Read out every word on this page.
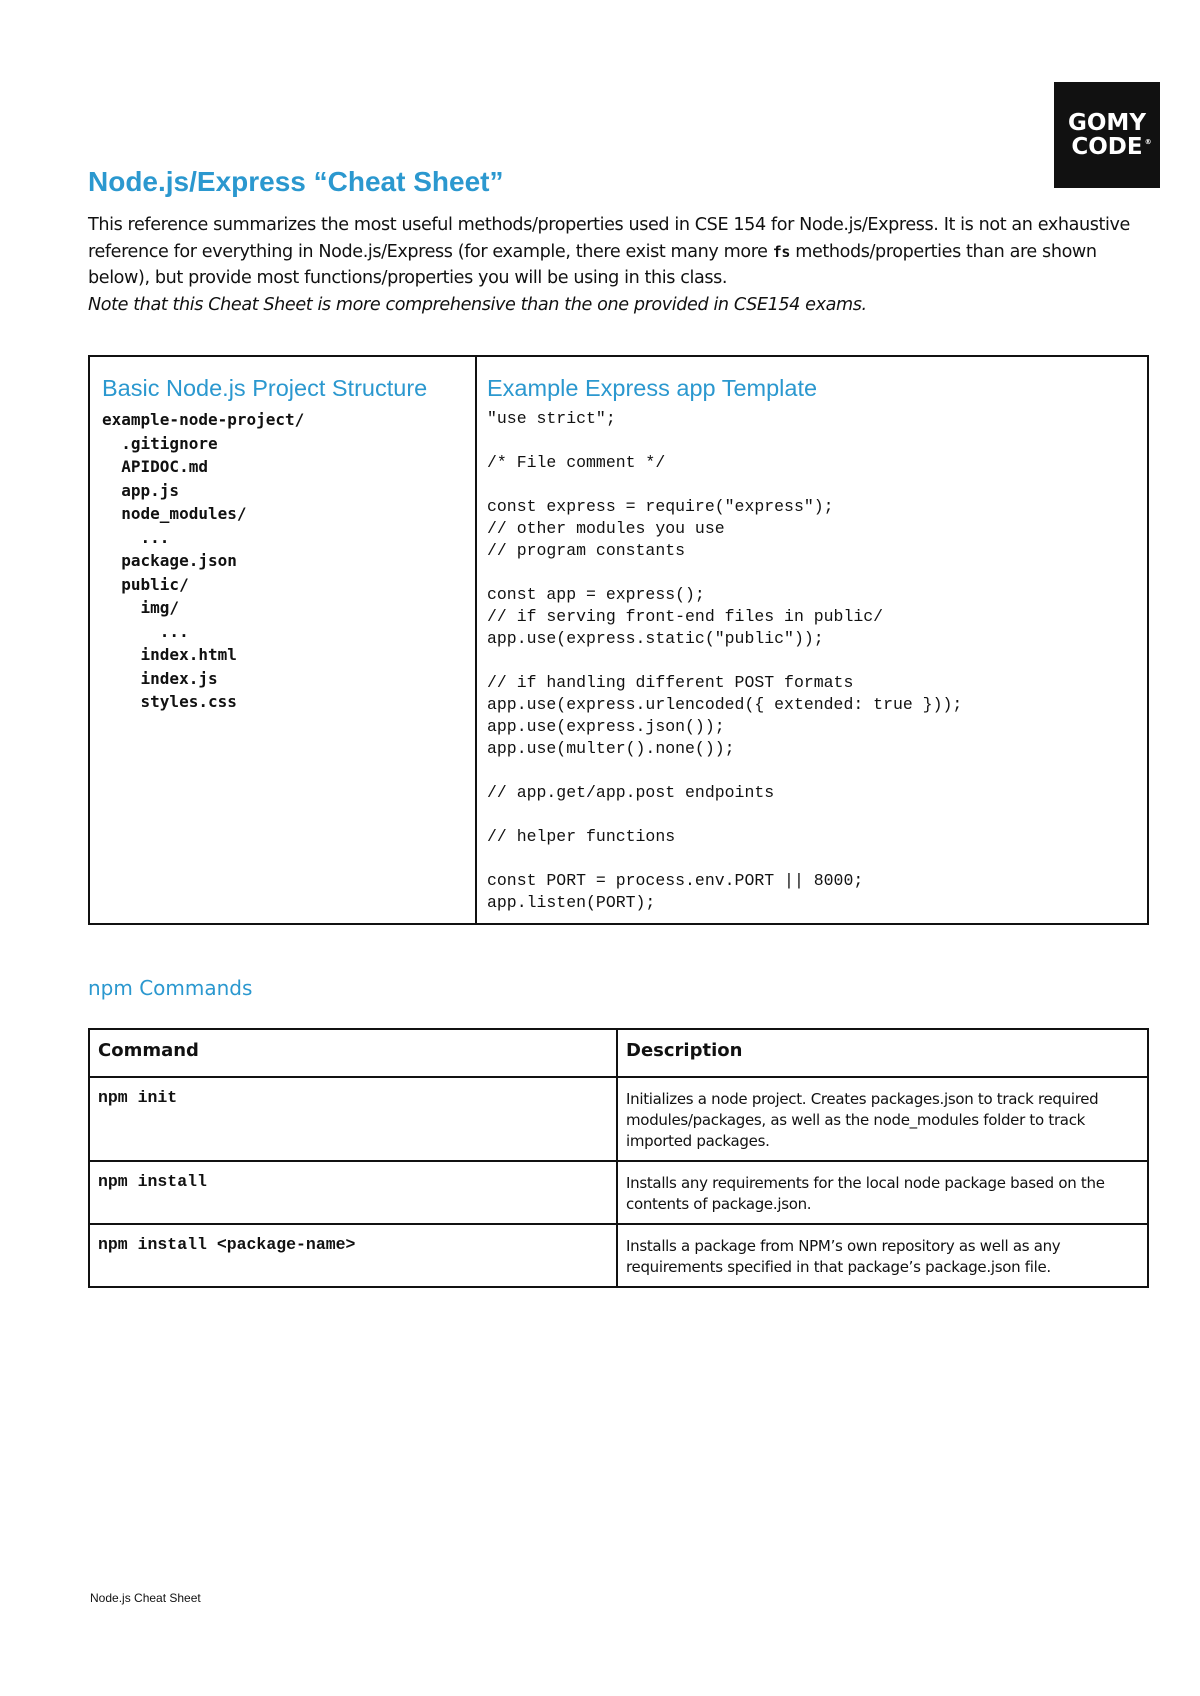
GOMY
CODE ®
Node.js/Express “Cheat Sheet”
This reference summarizes the most useful methods/properties used in CSE 154 for Node.js/Express. It is not an exhaustive reference for everything in Node.js/Express (for example, there exist many more fs methods/properties than are shown below), but provide most functions/properties you will be using in this class.
Note that this Cheat Sheet is more comprehensive than the one provided in CSE154 exams.
Basic Node.js Project Structure
example-node-project/
.gitignore
APIDOC.md
app.js
node_modules/
...
package.json
public/
img/
...
index.html
index.js
styles.css
Example Express app Template
"use strict";
/* File comment */
const express = require("express");
// other modules you use
// program constants
const app = express();
// if serving front-end files in public/
app.use(express.static("public"));
// if handling different POST formats
app.use(express.urlencoded({ extended: true }));
app.use(express.json());
app.use(multer().none());
// app.get/app.post endpoints
// helper functions
const PORT = process.env.PORT || 8000;
app.listen(PORT);
npm Commands
Command	Description
npm init	Initializes a node project. Creates packages.json to track required modules/packages, as well as the node_modules folder to track imported packages.
npm install	Installs any requirements for the local node package based on the contents of package.json.
npm install <package-name>	Installs a package from NPM’s own repository as well as any requirements specified in that package’s package.json file.
Node.js Cheat Sheet
